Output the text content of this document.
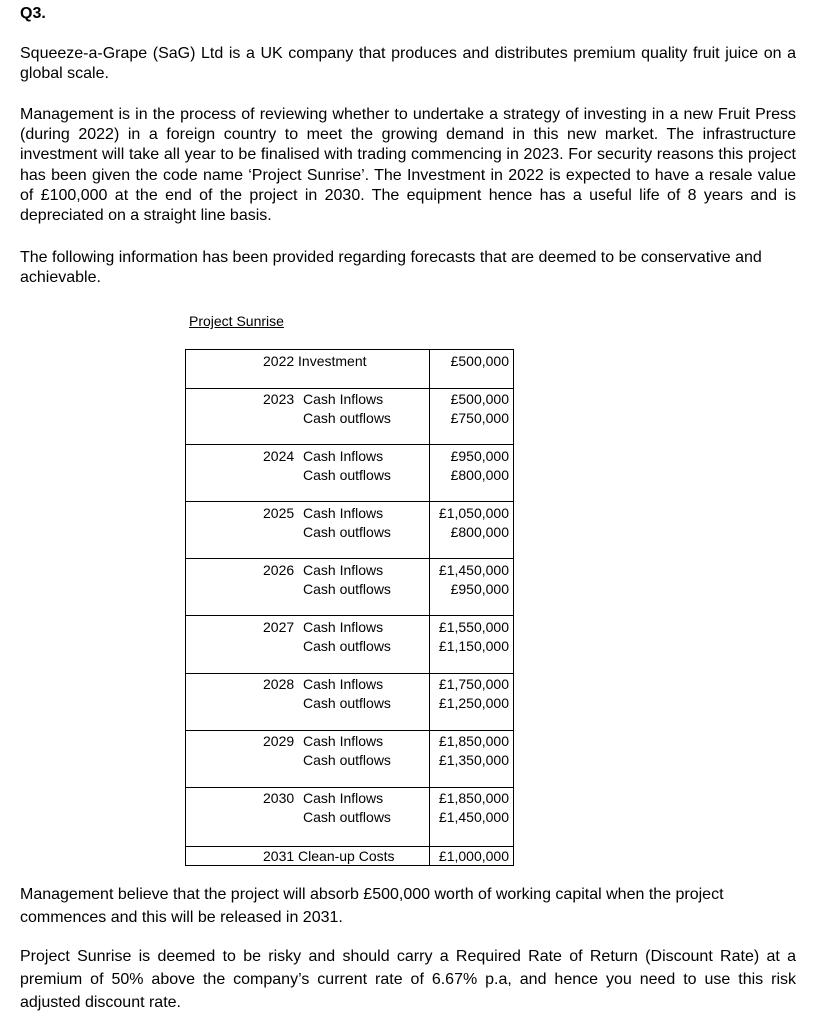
Q3.
Squeeze-a-Grape (SaG) Ltd is a UK company that produces and distributes premium quality fruit juice on a global scale.
Management is in the process of reviewing whether to undertake a strategy of investing in a new Fruit Press (during 2022) in a foreign country to meet the growing demand in this new market. The infrastructure investment will take all year to be finalised with trading commencing in 2023. For security reasons this project has been given the code name ‘Project Sunrise’. The Investment in 2022 is expected to have a resale value of £100,000 at the end of the project in 2030. The equipment hence has a useful life of 8 years and is depreciated on a straight line basis.
The following information has been provided regarding forecasts that are deemed to be conservative and achievable.
Project Sunrise
2022 Investment	£500,000
2023 Cash Inflows	£500,000
Cash outflows	£750,000
2024 Cash Inflows	£950,000
Cash outflows	£800,000
2025 Cash Inflows	£1,050,000
Cash outflows	£800,000
2026 Cash Inflows	£1,450,000
Cash outflows	£950,000
2027 Cash Inflows	£1,550,000
Cash outflows	£1,150,000
2028 Cash Inflows	£1,750,000
Cash outflows	£1,250,000
2029 Cash Inflows	£1,850,000
Cash outflows	£1,350,000
2030 Cash Inflows	£1,850,000
Cash outflows	£1,450,000
2031 Clean-up Costs	£1,000,000
Management believe that the project will absorb £500,000 worth of working capital when the project commences and this will be released in 2031.
Project Sunrise is deemed to be risky and should carry a Required Rate of Return (Discount Rate) at a premium of 50% above the company’s current rate of 6.67% p.a, and hence you need to use this risk adjusted discount rate.
